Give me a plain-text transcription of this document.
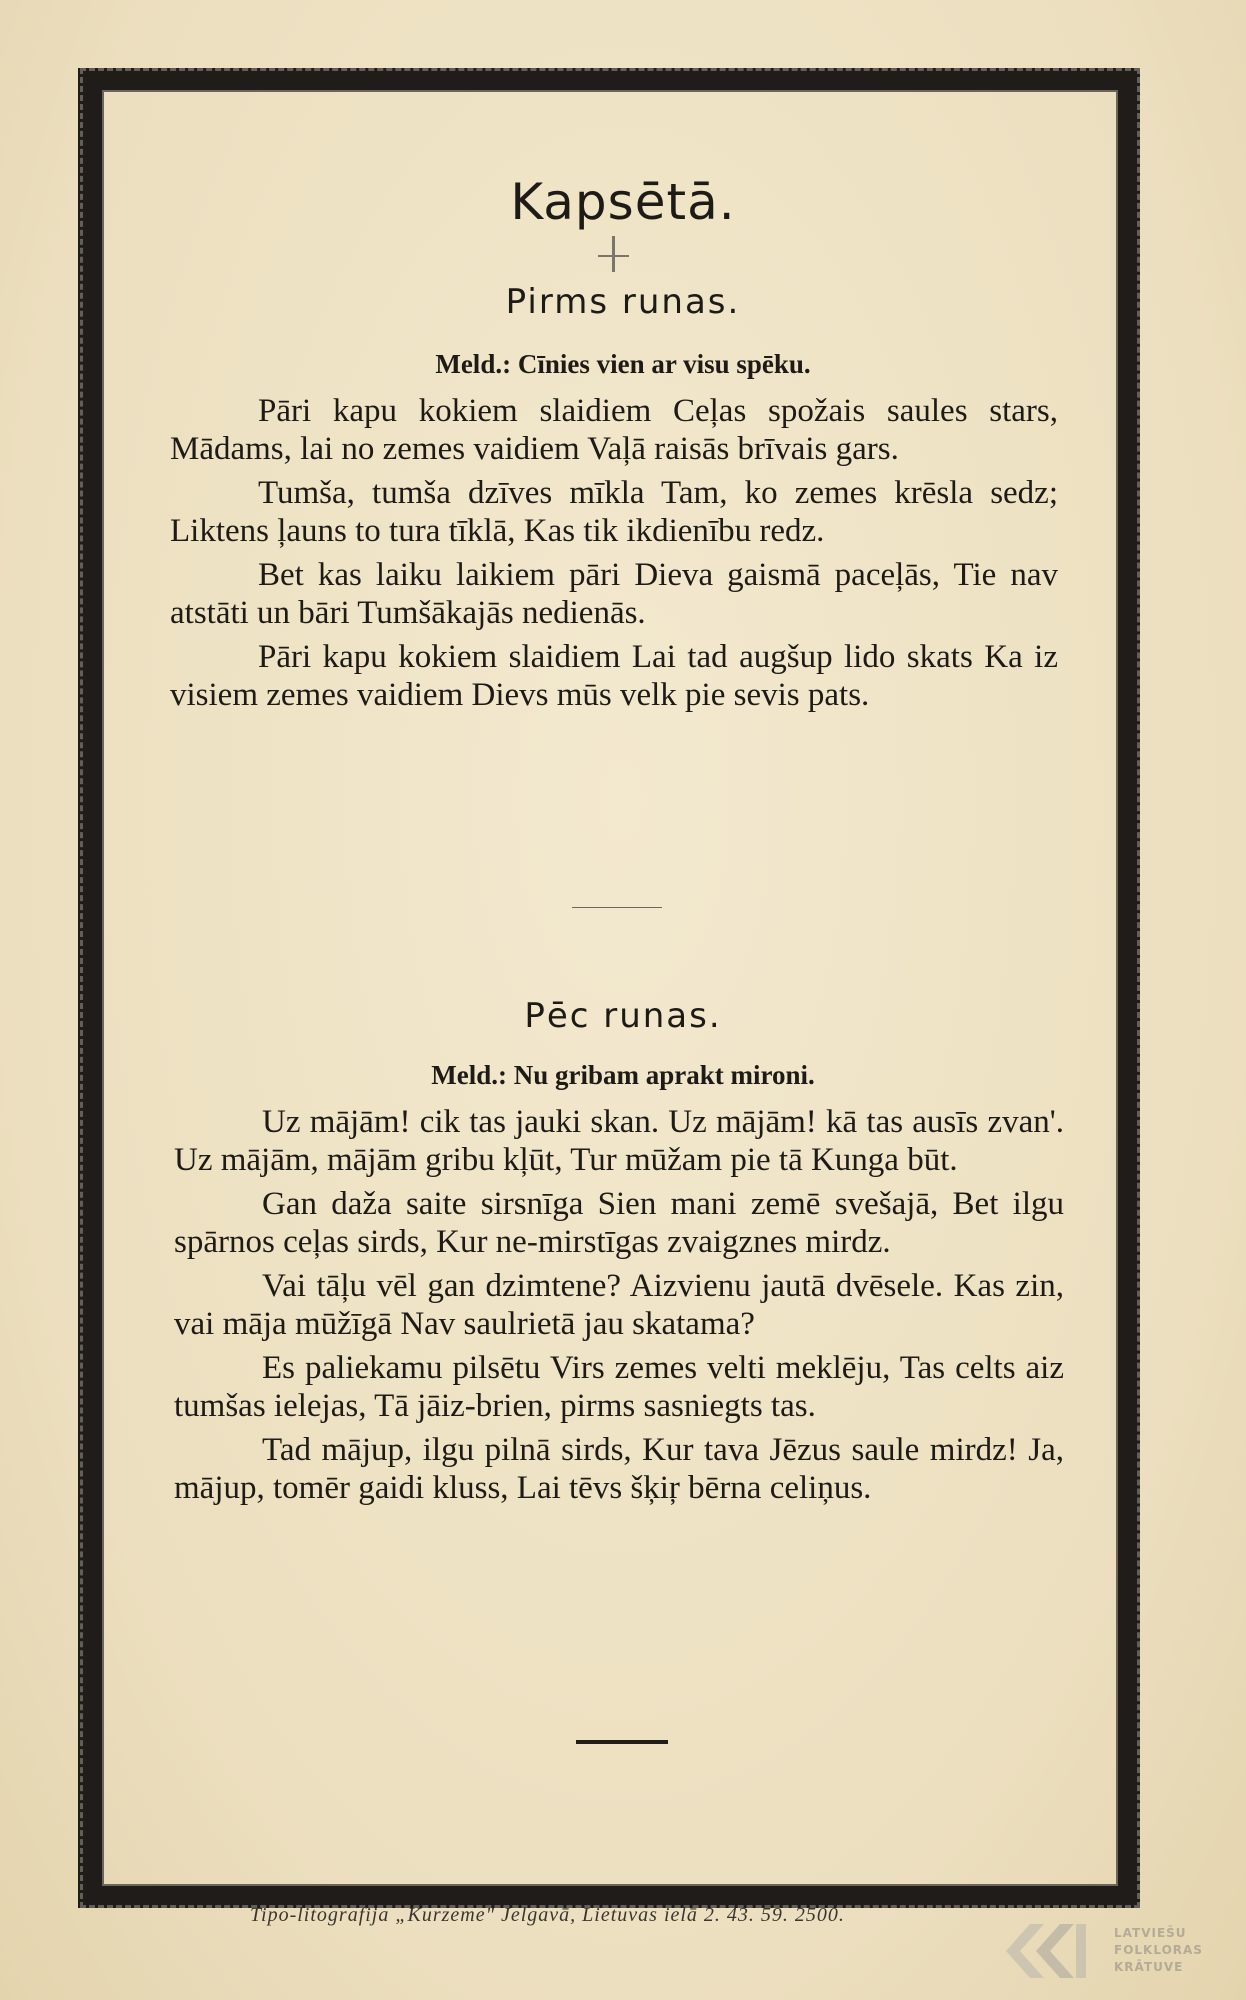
Kapsētā.
Pirms runas.
Meld.: Cīnies vien ar visu spēku.

Pāri kapu kokiem slaidiem Ceļas spožais saules stars, Mādams, lai no zemes vaidiem Vaļā raisās brīvais gars.

Tumša, tumša dzīves mīkla Tam, ko zemes krēsla sedz; Liktens ļauns to tura tīklā, Kas tik ikdienību redz.

Bet kas laiku laikiem pāri Dieva gaismā paceļās, Tie nav atstāti un bāri Tumšākajās nedienās.

Pāri kapu kokiem slaidiem Lai tad augšup lido skats Ka iz visiem zemes vaidiem Dievs mūs velk pie sevis pats.

Pēc runas.
Meld.: Nu gribam aprakt mironi.

Uz mājām! cik tas jauki skan. Uz mājām! kā tas ausīs zvan'. Uz mājām, mājām gribu kļūt, Tur mūžam pie tā Kunga būt.

Gan daža saite sirsnīga Sien mani zemē svešajā, Bet ilgu spārnos ceļas sirds, Kur ne-mirstīgas zvaigznes mirdz.

Vai tāļu vēl gan dzimtene? Aizvienu jautā dvēsele. Kas zin, vai māja mūžīgā Nav saulrietā jau skatama?

Es paliekamu pilsētu Virs zemes velti meklēju, Tas celts aiz tumšas ielejas, Tā jāiz-brien, pirms sasniegts tas.

Tad mājup, ilgu pilnā sirds, Kur tava Jēzus saule mirdz! Ja, mājup, tomēr gaidi kluss, Lai tēvs šķiŗ bērna celiņus.

Tipo-litografija „Kurzeme" Jelgavā, Lietuvas ielā 2. 43. 59. 2500.
LATVIEŠU
FOLKLORAS
KRĀTUVE
